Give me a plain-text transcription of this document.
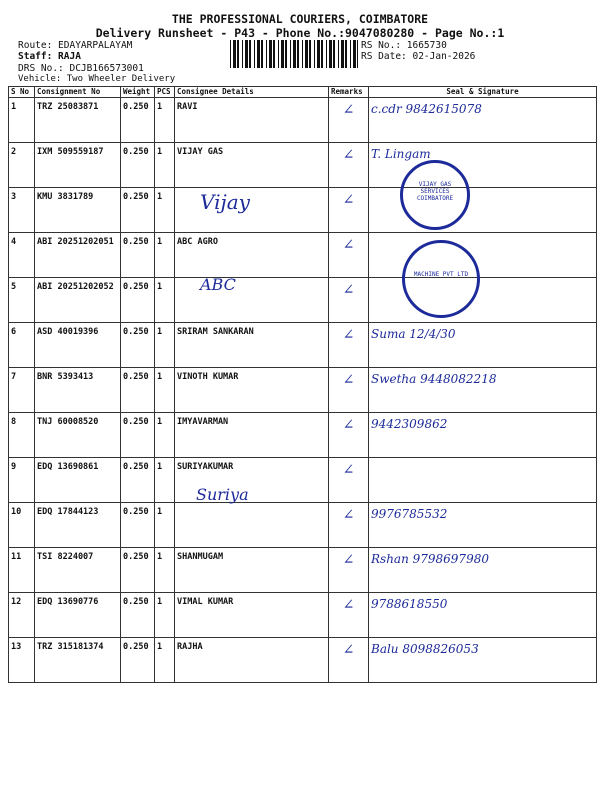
THE PROFESSIONAL COURIERS, COIMBATORE
Delivery Runsheet - P43 - Phone No.:9047080280 - Page No.:1
Route: EDAYARPALAYAM
Staff: RAJA
DRS No.: DCJB166573001
Vehicle: Two Wheeler Delivery
RS No.: 1665730
RS Date: 02-Jan-2026
S No	Consignment No	Weight	PCS	Consignee Details	Remarks	Seal & Signature
1	TRZ 25083871	0.250	1	RAVI	∠	c.cdr 9842615078
2	IXM 509559187	0.250	1	VIJAY GAS	∠	T. Lingam
3	KMU 3831789	0.250	1		∠	
4	ABI 20251202051	0.250	1	ABC AGRO	∠	
5	ABI 20251202052	0.250	1		∠	
6	ASD 40019396	0.250	1	SRIRAM SANKARAN	∠	Suma 12/4/30
7	BNR 5393413	0.250	1	VINOTH KUMAR	∠	Swetha 9448082218
8	TNJ 60008520	0.250	1	IMYAVARMAN	∠	9442309862
9	EDQ 13690861	0.250	1	SURIYAKUMAR	∠	
10	EDQ 17844123	0.250	1		∠	9976785532
11	TSI 8224007	0.250	1	SHANMUGAM	∠	Rshan 9798697980
12	EDQ 13690776	0.250	1	VIMAL KUMAR	∠	9788618550
13	TRZ 315181374	0.250	1	RAJHA	∠	Balu 8098826053
Vijay
ABC
Suriya
VIJAY GAS SERVICES COIMBATORE
MACHINE PVT LTD
